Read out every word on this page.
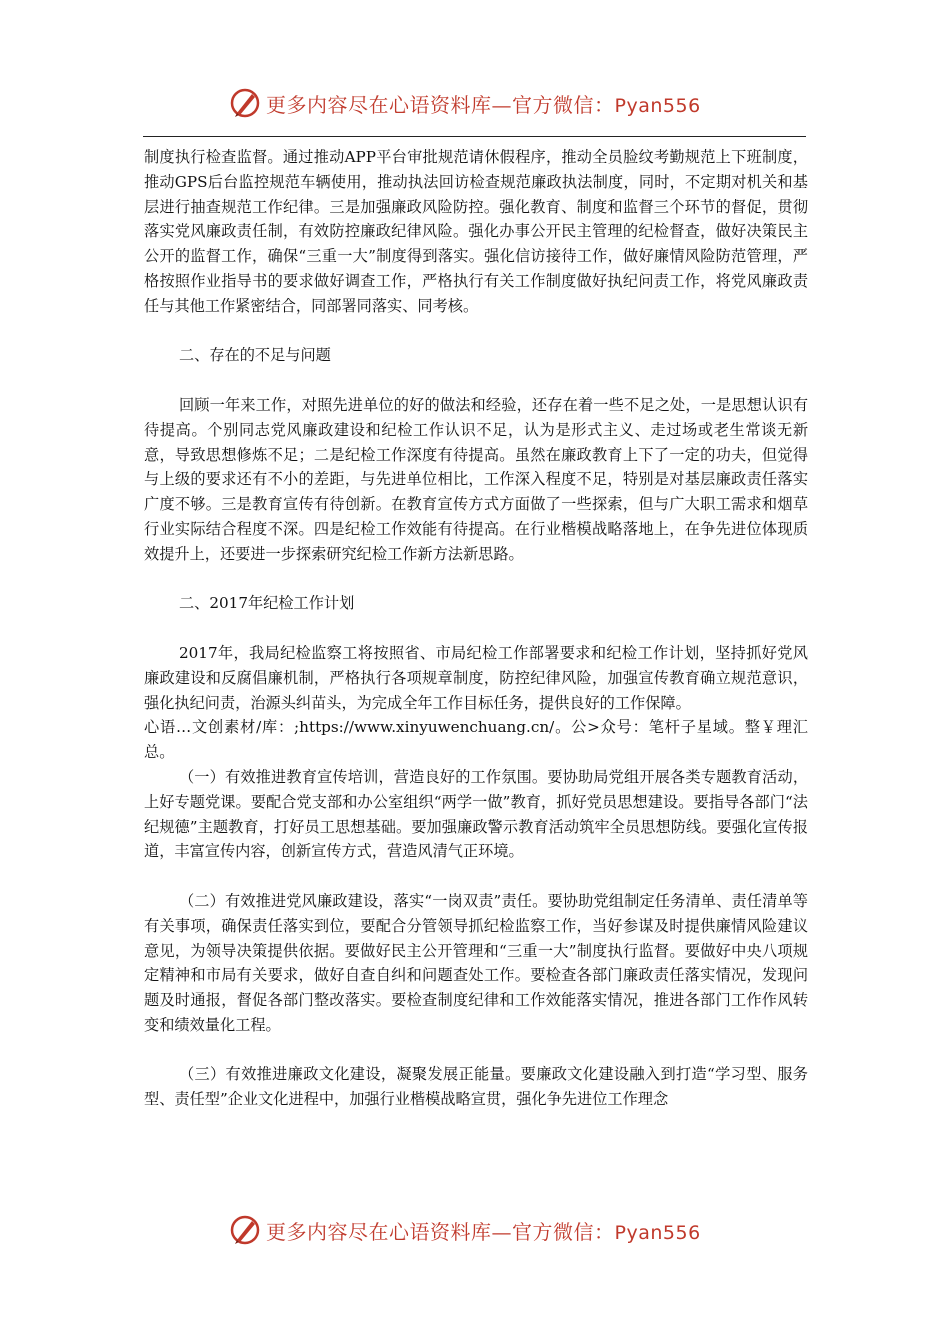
更多内容尽在心语资料库—官方微信：Pyan556

制度执行检查监督。通过推动APP平台审批规范请休假程序，推动全员脸纹考勤规范上下班制度，推动GPS后台监控规范车辆使用，推动执法回访检查规范廉政执法制度，同时，不定期对机关和基层进行抽查规范工作纪律。三是加强廉政风险防控。强化教育、制度和监督三个环节的督促，贯彻落实党风廉政责任制，有效防控廉政纪律风险。强化办事公开民主管理的纪检督查，做好决策民主公开的监督工作，确保“三重一大”制度得到落实。强化信访接待工作，做好廉情风险防范管理，严格按照作业指导书的要求做好调查工作，严格执行有关工作制度做好执纪问责工作，将党风廉政责任与其他工作紧密结合，同部署同落实、同考核。

二、存在的不足与问题

回顾一年来工作，对照先进单位的好的做法和经验，还存在着一些不足之处，一是思想认识有待提高。个别同志党风廉政建设和纪检工作认识不足，认为是形式主义、走过场或老生常谈无新意，导致思想修炼不足；二是纪检工作深度有待提高。虽然在廉政教育上下了一定的功夫，但觉得与上级的要求还有不小的差距，与先进单位相比，工作深入程度不足，特别是对基层廉政责任落实广度不够。三是教育宣传有待创新。在教育宣传方式方面做了一些探索，但与广大职工需求和烟草行业实际结合程度不深。四是纪检工作效能有待提高。在行业楷模战略落地上，在争先进位体现质效提升上，还要进一步探索研究纪检工作新方法新思路。

二、2017年纪检工作计划

2017年，我局纪检监察工将按照省、市局纪检工作部署要求和纪检工作计划，坚持抓好党风廉政建设和反腐倡廉机制，严格执行各项规章制度，防控纪律风险，加强宣传教育确立规范意识，强化执纪问责，治源头纠苗头，为完成全年工作目标任务，提供良好的工作保障。

心语…文创素材/库：;https://www.xinyuwenchuang.cn/。公>众号：笔杆子星域。整￥理汇总。

（一）有效推进教育宣传培训，营造良好的工作氛围。要协助局党组开展各类专题教育活动，上好专题党课。要配合党支部和办公室组织“两学一做”教育，抓好党员思想建设。要指导各部门“法纪规德”主题教育，打好员工思想基础。要加强廉政警示教育活动筑牢全员思想防线。要强化宣传报道，丰富宣传内容，创新宣传方式，营造风清气正环境。

（二）有效推进党风廉政建设，落实“一岗双责”责任。要协助党组制定任务清单、责任清单等有关事项，确保责任落实到位，要配合分管领导抓纪检监察工作，当好参谋及时提供廉情风险建议意见，为领导决策提供依据。要做好民主公开管理和“三重一大”制度执行监督。要做好中央八项规定精神和市局有关要求，做好自查自纠和问题查处工作。要检查各部门廉政责任落实情况，发现问题及时通报，督促各部门整改落实。要检查制度纪律和工作效能落实情况，推进各部门工作作风转变和绩效量化工程。

（三）有效推进廉政文化建设，凝聚发展正能量。要廉政文化建设融入到打造“学习型、服务型、责任型”企业文化进程中，加强行业楷模战略宣贯，强化争先进位工作理念

更多内容尽在心语资料库—官方微信：Pyan556
